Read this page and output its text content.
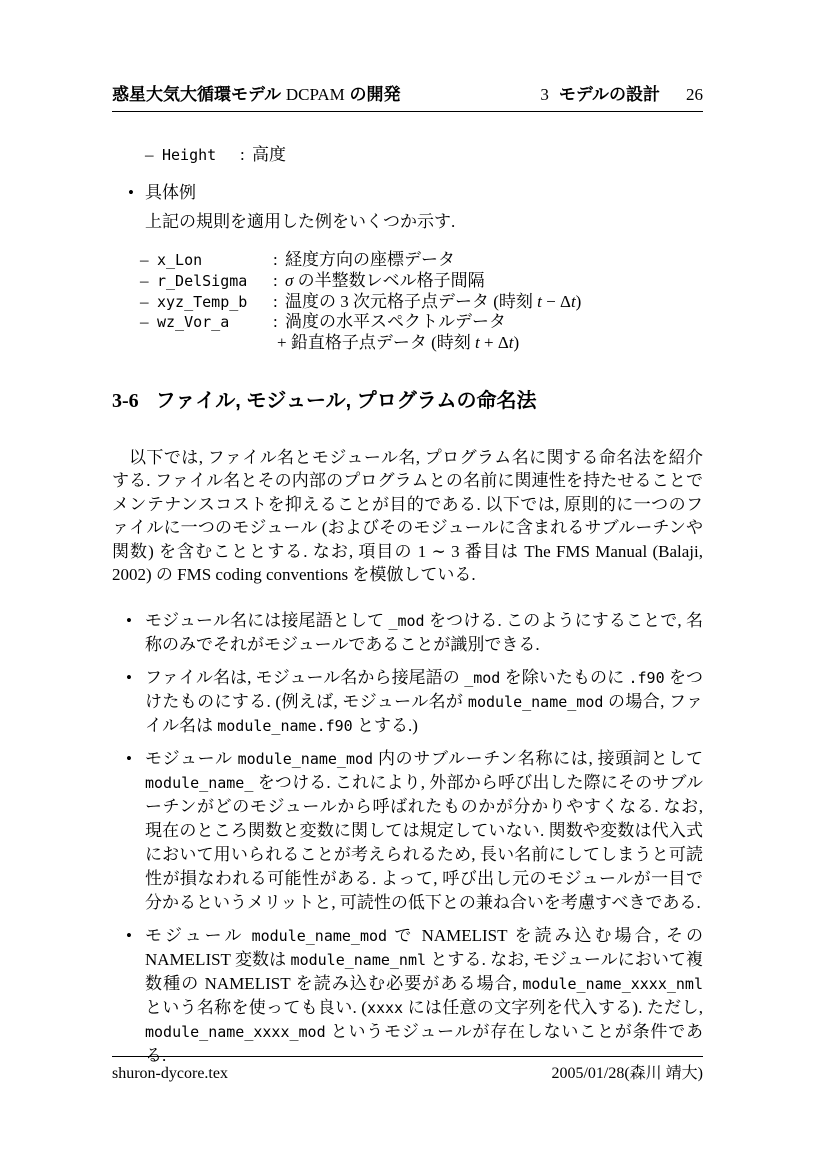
惑星大気大循環モデル DCPAM の開発	3 モデルの設計 26
– Height : 高度
• 具体例
上記の規則を適用した例をいくつか示す.
– x_Lon	: 経度方向の座標データ
– r_DelSigma : σ の半整数レベル格子間隔
– xyz_Temp_b : 温度の 3 次元格子点データ (時刻 t − Δt)
– wz_Vor_a	: 渦度の水平スペクトルデータ
+ 鉛直格子点データ (時刻 t + Δt)
3-6 ファイル, モジュール, プログラムの命名法
以下では, ファイル名とモジュール名, プログラム名に関する命名法を紹介する. ファイル名とその内部のプログラムとの名前に関連性を持たせることでメンテナンスコストを抑えることが目的である. 以下では, 原則的に一つのファイルに一つのモジュール (およびそのモジュールに含まれるサブルーチンや関数) を含むこととする. なお, 項目の 1 ∼ 3 番目は The FMS Manual (Balaji, 2002) の FMS coding conventions を模倣している.
• モジュール名には接尾語として _mod をつける. このようにすることで, 名称のみでそれがモジュールであることが識別できる.
• ファイル名は, モジュール名から接尾語の _mod を除いたものに .f90 をつけたものにする. (例えば, モジュール名が module_name_mod の場合, ファイル名は module_name.f90 とする.)
• モジュール module_name_mod 内のサブルーチン名称には, 接頭詞として module_name_ をつける. これにより, 外部から呼び出した際にそのサブルーチンがどのモジュールから呼ばれたものかが分かりやすくなる. なお, 現在のところ関数と変数に関しては規定していない. 関数や変数は代入式において用いられることが考えられるため, 長い名前にしてしまうと可読性が損なわれる可能性がある. よって, 呼び出し元のモジュールが一目で分かるというメリットと, 可読性の低下との兼ね合いを考慮すべきである.
• モジュール module_name_mod で NAMELIST を読み込む場合, その NAMELIST 変数は module_name_nml とする. なお, モジュールにおいて複数種の NAMELIST を読み込む必要がある場合, module_name_xxxx_nml という名称を使っても良い. (xxxx には任意の文字列を代入する). ただし, module_name_xxxx_mod というモジュールが存在しないことが条件である.
shuron-dycore.tex	2005/01/28(森川 靖大)
